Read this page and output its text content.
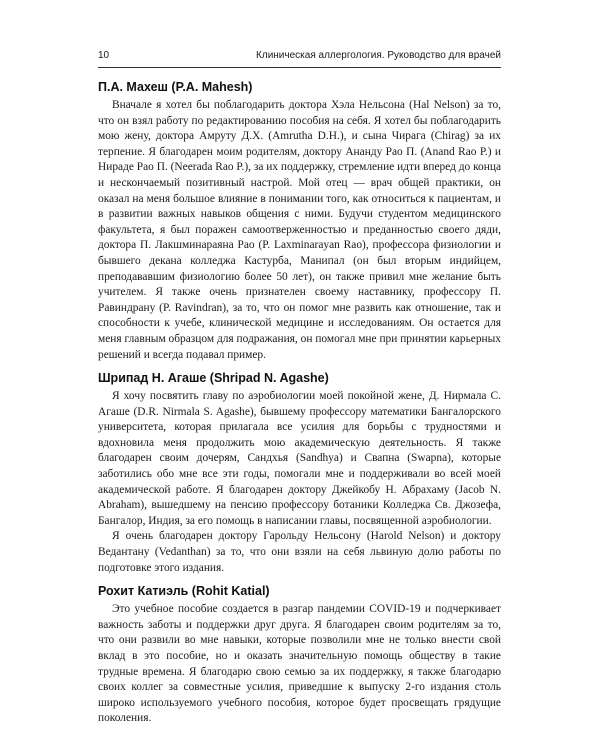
10	Клиническая аллергология. Руководство для врачей
П.А. Махеш (P.A. Mahesh)

Вначале я хотел бы поблагодарить доктора Хэла Нельсона (Hal Nelson) за то, что он взял работу по редактированию пособия на себя. Я хотел бы поблагодарить мою жену, доктора Амруту Д.Х. (Amrutha D.H.), и сына Чирага (Chirag) за их терпение. Я благодарен моим родителям, доктору Ананду Рао П. (Anand Rao P.) и Нираде Рао П. (Neerada Rao P.), за их поддержку, стремление идти вперед до конца и нескончаемый позитивный настрой. Мой отец — врач общей практики, он оказал на меня большое влияние в понимании того, как относиться к пациентам, и в развитии важных навыков общения с ними. Будучи студентом медицинского факультета, я был поражен самоотверженностью и преданностью своего дяди, доктора П. Лакшминараяна Рао (P. Laxminarayan Rao), профессора физиологии и бывшего декана колледжа Кастурба, Манипал (он был вторым индийцем, преподававшим физиологию более 50 лет), он также привил мне желание быть учителем. Я также очень признателен своему наставнику, профессору П. Равиндрану (P. Ravindran), за то, что он помог мне развить как отношение, так и способности к учебе, клинической медицине и исследованиям. Он остается для меня главным образцом для подражания, он помогал мне при принятии карьерных решений и всегда подавал пример.

Шрипад Н. Агаше (Shripad N. Agashe)

Я хочу посвятить главу по аэробиологии моей покойной жене, Д. Нирмала С. Агаше (D.R. Nirmala S. Agashe), бывшему профессору математики Бангалорского университета, которая прилагала все усилия для борьбы с трудностями и вдохновила меня продолжить мою академическую деятельность. Я также благодарен своим дочерям, Сандхья (Sandhya) и Свапна (Swapna), которые заботились обо мне все эти годы, помогали мне и поддерживали во всей моей академической работе. Я благодарен доктору Джейкобу Н. Абрахаму (Jacob N. Abraham), вышедшему на пенсию профессору ботаники Колледжа Св. Джозефа, Бангалор, Индия, за его помощь в написании главы, посвященной аэробиологии.

Я очень благодарен доктору Гарольду Нельсону (Harold Nelson) и доктору Ведантану (Vedanthan) за то, что они взяли на себя львиную долю работы по подготовке этого издания.

Рохит Катиэль (Rohit Katial)

Это учебное пособие создается в разгар пандемии COVID-19 и подчеркивает важность заботы и поддержки друг друга. Я благодарен своим родителям за то, что они развили во мне навыки, которые позволили мне не только внести свой вклад в это пособие, но и оказать значительную помощь обществу в такие трудные времена. Я благодарю свою семью за их поддержку, я также благодарю своих коллег за совместные усилия, приведшие к выпуску 2-го издания столь широко используемого учебного пособия, которое будет просвещать грядущие поколения.
